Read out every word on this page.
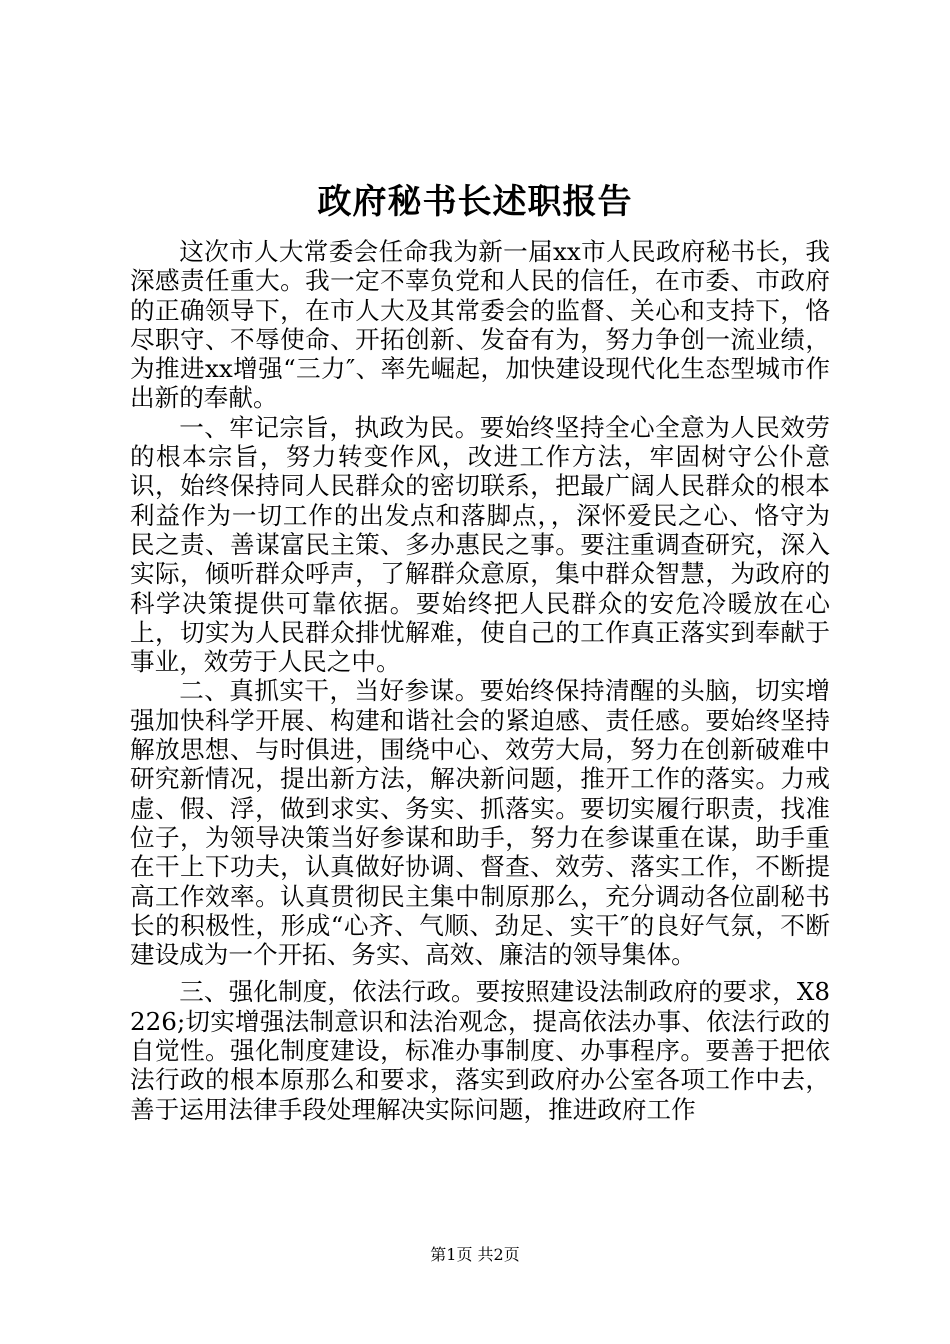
政府秘书长述职报告

这次市人大常委会任命我为新一届xx市人民政府秘书长，我深感责任重大。我一定不辜负党和人民的信任，在市委、市政府的正确领导下，在市人大及其常委会的监督、关心和支持下，恪尽职守、不辱使命、开拓创新、发奋有为，努力争创一流业绩，为推进xx增强“三力″、率先崛起，加快建设现代化生态型城市作出新的奉献。

一、牢记宗旨，执政为民。要始终坚持全心全意为人民效劳的根本宗旨，努力转变作风，改进工作方法，牢固树守公仆意识，始终保持同人民群众的密切联系，把最广阔人民群众的根本利益作为一切工作的出发点和落脚点，，深怀爱民之心、恪守为民之责、善谋富民主策、多办惠民之事。要注重调查研究，深入实际，倾听群众呼声，了解群众意原，集中群众智慧，为政府的科学决策提供可靠依据。要始终把人民群众的安危冷暖放在心上，切实为人民群众排忧解难，使自己的工作真正落实到奉献于事业，效劳于人民之中。

二、真抓实干，当好参谋。要始终保持清醒的头脑，切实增强加快科学开展、构建和谐社会的紧迫感、责任感。要始终坚持解放思想、与时俱进，围绕中心、效劳大局，努力在创新破难中研究新情况，提出新方法，解决新问题，推开工作的落实。力戒虚、假、浮，做到求实、务实、抓落实。要切实履行职责，找准位子，为领导决策当好参谋和助手，努力在参谋重在谋，助手重在干上下功夫，认真做好协调、督查、效劳、落实工作，不断提高工作效率。认真贯彻民主集中制原那么，充分调动各位副秘书长的积极性，形成“心齐、气顺、劲足、实干″的良好气氛，不断建设成为一个开拓、务实、高效、廉洁的领导集体。

三、强化制度，依法行政。要按照建设法制政府的要求，X8226;切实增强法制意识和法治观念，提高依法办事、依法行政的自觉性。强化制度建设，标准办事制度、办事程序。要善于把依法行政的根本原那么和要求，落实到政府办公室各项工作中去，善于运用法律手段处理解决实际问题，推进政府工作

第1页 共2页
